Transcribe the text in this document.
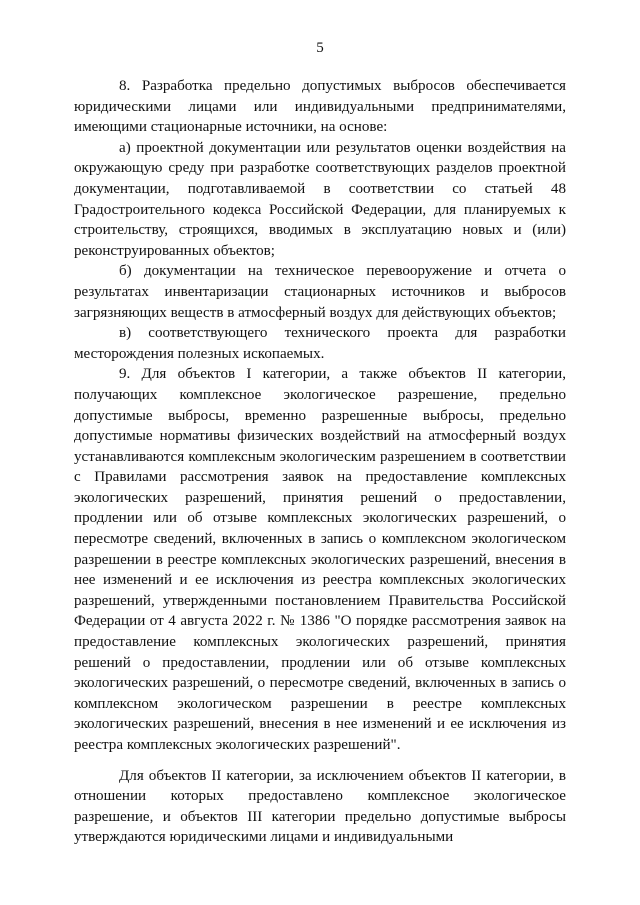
5

8. Разработка предельно допустимых выбросов обеспечивается юридическими лицами или индивидуальными предпринимателями, имеющими стационарные источники, на основе:

а) проектной документации или результатов оценки воздействия на окружающую среду при разработке соответствующих разделов проектной документации, подготавливаемой в соответствии со статьей 48 Градостроительного кодекса Российской Федерации, для планируемых к строительству, строящихся, вводимых в эксплуатацию новых и (или) реконструированных объектов;

б) документации на техническое перевооружение и отчета о результатах инвентаризации стационарных источников и выбросов загрязняющих веществ в атмосферный воздух для действующих объектов;

в) соответствующего технического проекта для разработки месторождения полезных ископаемых.

9. Для объектов I категории, а также объектов II категории, получающих комплексное экологическое разрешение, предельно допустимые выбросы, временно разрешенные выбросы, предельно допустимые нормативы физических воздействий на атмосферный воздух устанавливаются комплексным экологическим разрешением в соответствии с Правилами рассмотрения заявок на предоставление комплексных экологических разрешений, принятия решений о предоставлении, продлении или об отзыве комплексных экологических разрешений, о пересмотре сведений, включенных в запись о комплексном экологическом разрешении в реестре комплексных экологических разрешений, внесения в нее изменений и ее исключения из реестра комплексных экологических разрешений, утвержденными постановлением Правительства Российской Федерации от 4 августа 2022 г. № 1386 "О порядке рассмотрения заявок на предоставление комплексных экологических разрешений, принятия решений о предоставлении, продлении или об отзыве комплексных экологических разрешений, о пересмотре сведений, включенных в запись о комплексном экологическом разрешении в реестре комплексных экологических разрешений, внесения в нее изменений и ее исключения из реестра комплексных экологических разрешений".

Для объектов II категории, за исключением объектов II категории, в отношении которых предоставлено комплексное экологическое разрешение, и объектов III категории предельно допустимые выбросы утверждаются юридическими лицами и индивидуальными
